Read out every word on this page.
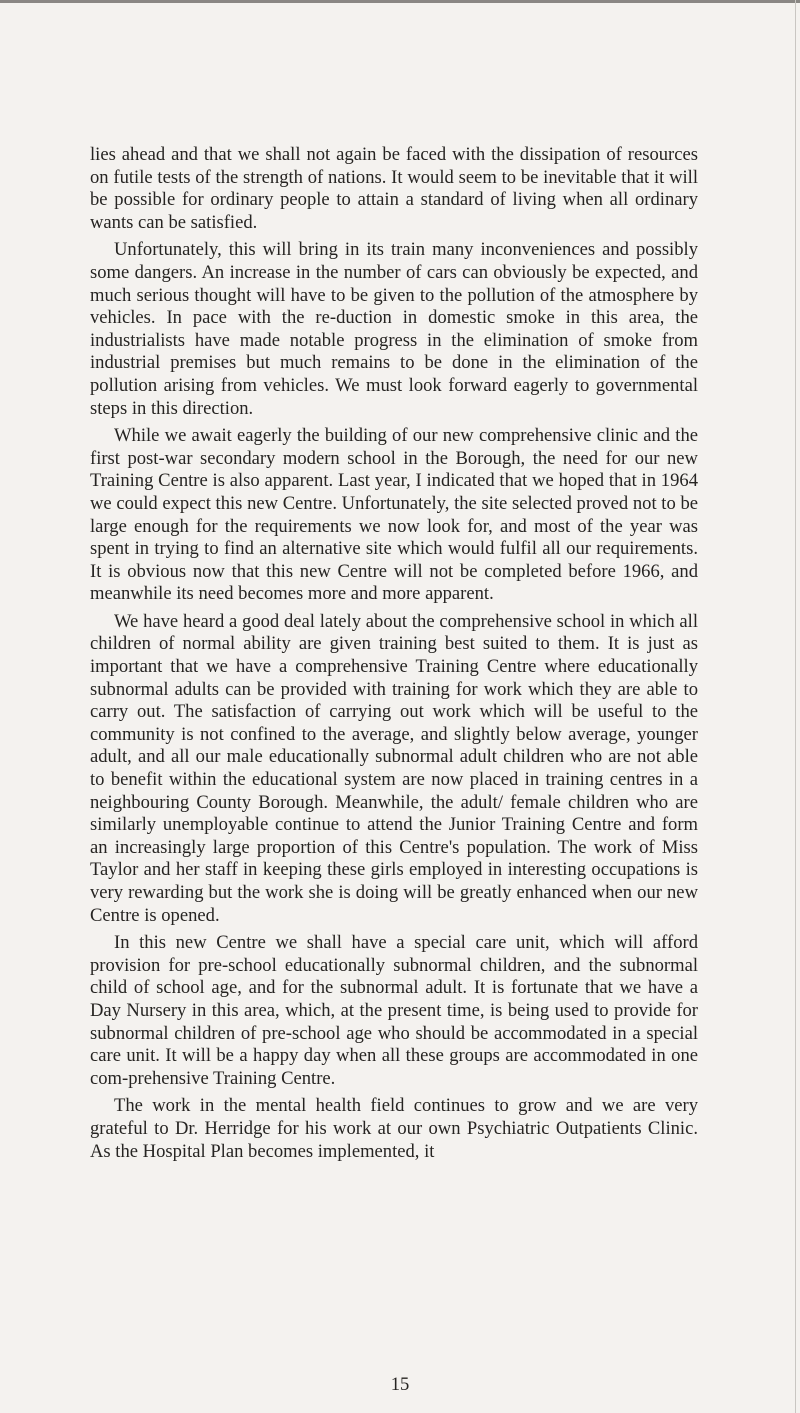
lies ahead and that we shall not again be faced with the dissipation of resources on futile tests of the strength of nations. It would seem to be inevitable that it will be possible for ordinary people to attain a standard of living when all ordinary wants can be satisfied.

Unfortunately, this will bring in its train many inconveniences and possibly some dangers. An increase in the number of cars can obviously be expected, and much serious thought will have to be given to the pollution of the atmosphere by vehicles. In pace with the re-duction in domestic smoke in this area, the industrialists have made notable progress in the elimination of smoke from industrial premises but much remains to be done in the elimination of the pollution arising from vehicles. We must look forward eagerly to governmental steps in this direction.

While we await eagerly the building of our new comprehensive clinic and the first post-war secondary modern school in the Borough, the need for our new Training Centre is also apparent. Last year, I indicated that we hoped that in 1964 we could expect this new Centre. Unfortunately, the site selected proved not to be large enough for the requirements we now look for, and most of the year was spent in trying to find an alternative site which would fulfil all our requirements. It is obvious now that this new Centre will not be completed before 1966, and meanwhile its need becomes more and more apparent.

We have heard a good deal lately about the comprehensive school in which all children of normal ability are given training best suited to them. It is just as important that we have a comprehensive Training Centre where educationally subnormal adults can be provided with training for work which they are able to carry out. The satisfaction of carrying out work which will be useful to the community is not confined to the average, and slightly below average, younger adult, and all our male educationally subnormal adult children who are not able to benefit within the educational system are now placed in training centres in a neighbouring County Borough. Meanwhile, the adult/ female children who are similarly unemployable continue to attend the Junior Training Centre and form an increasingly large proportion of this Centre's population. The work of Miss Taylor and her staff in keeping these girls employed in interesting occupations is very rewarding but the work she is doing will be greatly enhanced when our new Centre is opened.

In this new Centre we shall have a special care unit, which will afford provision for pre-school educationally subnormal children, and the subnormal child of school age, and for the subnormal adult. It is fortunate that we have a Day Nursery in this area, which, at the present time, is being used to provide for subnormal children of pre-school age who should be accommodated in a special care unit. It will be a happy day when all these groups are accommodated in one com-prehensive Training Centre.

The work in the mental health field continues to grow and we are very grateful to Dr. Herridge for his work at our own Psychiatric Outpatients Clinic. As the Hospital Plan becomes implemented, it

15
